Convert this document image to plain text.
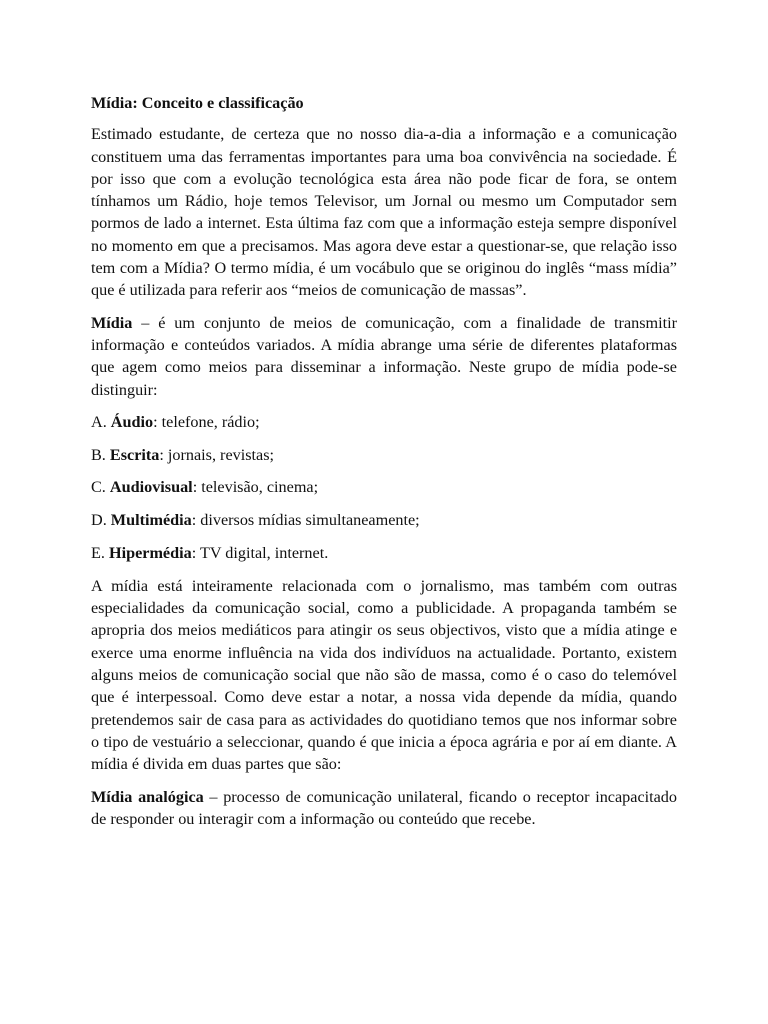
Mídia: Conceito e classificação

Estimado estudante, de certeza que no nosso dia-a-dia a informação e a comunicação constituem uma das ferramentas importantes para uma boa convivência na sociedade. É por isso que com a evolução tecnológica esta área não pode ficar de fora, se ontem tínhamos um Rádio, hoje temos Televisor, um Jornal ou mesmo um Computador sem pormos de lado a internet. Esta última faz com que a informação esteja sempre disponível no momento em que a precisamos. Mas agora deve estar a questionar-se, que relação isso tem com a Mídia? O termo mídia, é um vocábulo que se originou do inglês “mass mídia” que é utilizada para referir aos “meios de comunicação de massas”.

Mídia – é um conjunto de meios de comunicação, com a finalidade de transmitir informação e conteúdos variados. A mídia abrange uma série de diferentes plataformas que agem como meios para disseminar a informação. Neste grupo de mídia pode-se distinguir:

A. Áudio: telefone, rádio;

B. Escrita: jornais, revistas;

C. Audiovisual: televisão, cinema;

D. Multimédia: diversos mídias simultaneamente;

E. Hipermédia: TV digital, internet.

A mídia está inteiramente relacionada com o jornalismo, mas também com outras especialidades da comunicação social, como a publicidade. A propaganda também se apropria dos meios mediáticos para atingir os seus objectivos, visto que a mídia atinge e exerce uma enorme influência na vida dos indivíduos na actualidade. Portanto, existem alguns meios de comunicação social que não são de massa, como é o caso do telemóvel que é interpessoal. Como deve estar a notar, a nossa vida depende da mídia, quando pretendemos sair de casa para as actividades do quotidiano temos que nos informar sobre o tipo de vestuário a seleccionar, quando é que inicia a época agrária e por aí em diante. A mídia é divida em duas partes que são:

Mídia analógica – processo de comunicação unilateral, ficando o receptor incapacitado de responder ou interagir com a informação ou conteúdo que recebe.
